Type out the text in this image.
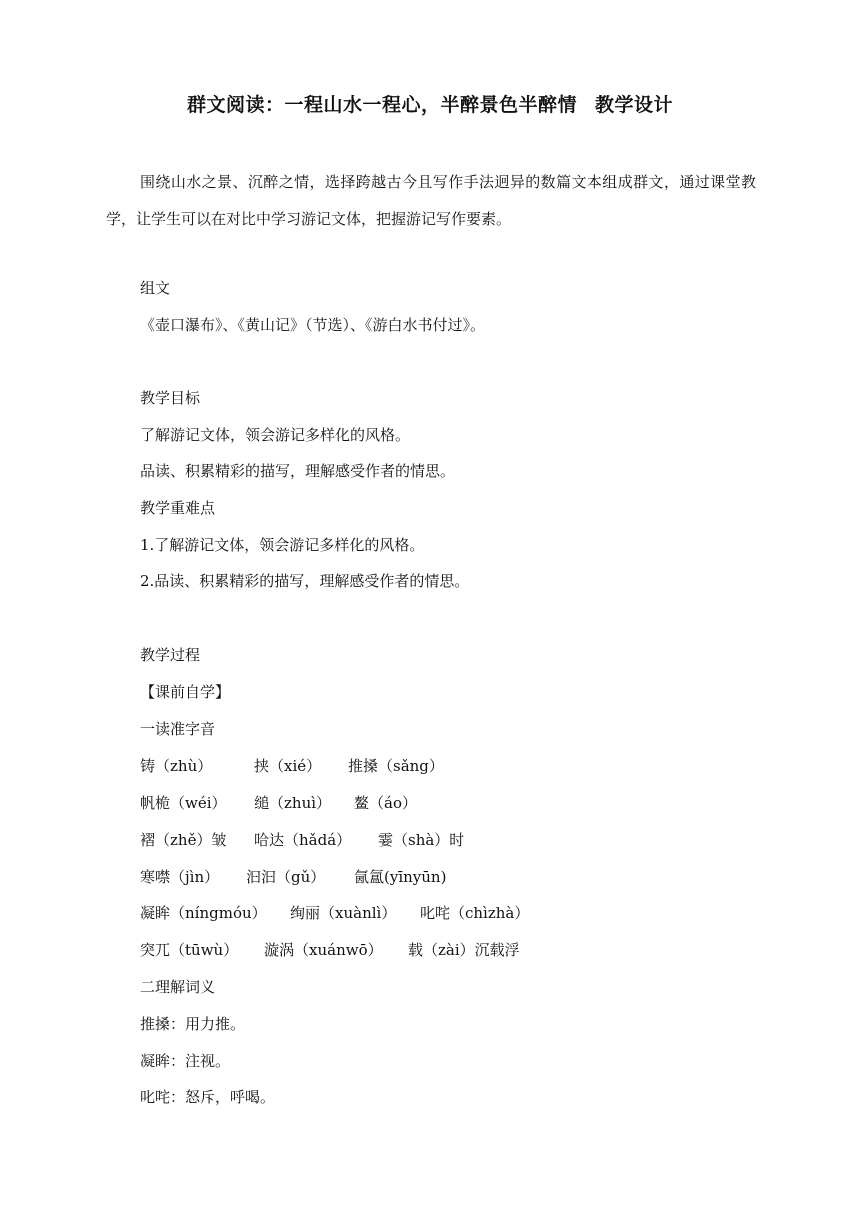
群文阅读：一程山水一程心，半醉景色半醉情 教学设计
围绕山水之景、沉醉之情，选择跨越古今且写作手法迥异的数篇文本组成群文，通过课堂教学，让学生可以在对比中学习游记文体，把握游记写作要素。
组文
《壶口瀑布》、《黄山记》（节选）、《游白水书付过》。
教学目标
了解游记文体，领会游记多样化的风格。
品读、积累精彩的描写，理解感受作者的情思。
教学重难点
1.了解游记文体，领会游记多样化的风格。
2.品读、积累精彩的描写，理解感受作者的情思。
教学过程
【课前自学】
一读准字音
铸（zhù）	挟（xié） 推搡（sǎng）
帆桅（wéi） 缒（zhuì） 鳌（áo）
褶（zhě）皱 哈达（hǎdá） 霎（shà）时
寒噤（jìn） 汩汩（gǔ） 氤氲(yīnyūn)
凝眸（níngmóu） 绚丽（xuànlì） 叱咤（chìzhà）
突兀（tūwù） 漩涡（xuánwō） 载（zài）沉载浮
二理解词义
推搡：用力推。
凝眸：注视。
叱咤：怒斥，呼喝。
